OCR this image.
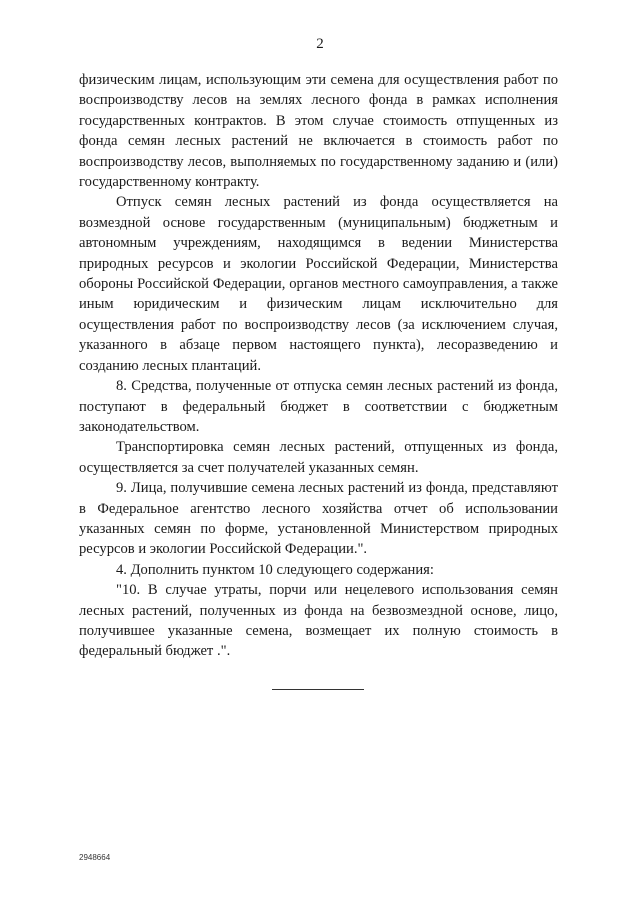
2

физическим лицам, использующим эти семена для осуществления работ по воспроизводству лесов на землях лесного фонда в рамках исполнения государственных контрактов. В этом случае стоимость отпущенных из фонда семян лесных растений не включается в стоимость работ по воспроизводству лесов, выполняемых по государственному заданию и (или) государственному контракту.

Отпуск семян лесных растений из фонда осуществляется на возмездной основе государственным (муниципальным) бюджетным и автономным учреждениям, находящимся в ведении Министерства природных ресурсов и экологии Российской Федерации, Министерства обороны Российской Федерации, органов местного самоуправления, а также иным юридическим и физическим лицам исключительно для осуществления работ по воспроизводству лесов (за исключением случая, указанного в абзаце первом настоящего пункта), лесоразведению и созданию лесных плантаций.

8. Средства, полученные от отпуска семян лесных растений из фонда, поступают в федеральный бюджет в соответствии с бюджетным законодательством.

Транспортировка семян лесных растений, отпущенных из фонда, осуществляется за счет получателей указанных семян.

9. Лица, получившие семена лесных растений из фонда, представляют в Федеральное агентство лесного хозяйства отчет об использовании указанных семян по форме, установленной Министерством природных ресурсов и экологии Российской Федерации.".

4. Дополнить пунктом 10 следующего содержания:

"10. В случае утраты, порчи или нецелевого использования семян лесных растений, полученных из фонда на безвозмездной основе, лицо, получившее указанные семена, возмещает их полную стоимость в федеральный бюджет .".

2948664
